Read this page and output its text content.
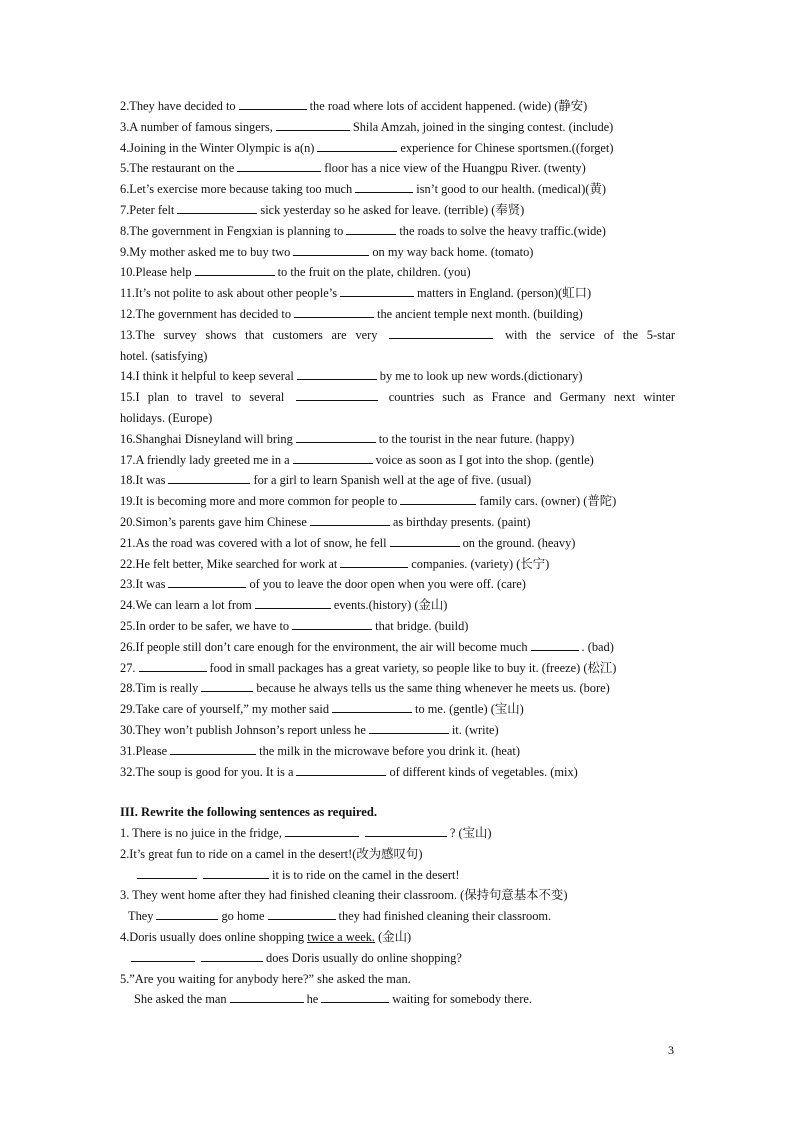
2.They have decided to	the road where lots of accident happened. (wide) (静安)
3.A number of famous singers,	Shila Amzah, joined in the singing contest. (include)
4.Joining in the Winter Olympic is a(n)	experience for Chinese sportsmen.((forget)
5.The restaurant on the	floor has a nice view of the Huangpu River. (twenty)
6.Let’s exercise more because taking too much	isn’t good to our health. (medical)(黄)
7.Peter felt	sick yesterday so he asked for leave. (terrible) (奉贤)
8.The government in Fengxian is planning to	the roads to solve the heavy traffic.(wide)
9.My mother asked me to buy two	on my way back home. (tomato)
10.Please help	to the fruit on the plate, children. (you)
11.It’s not polite to ask about other people’s	matters in England. (person)(虹口)
12.The government has decided to	the ancient temple next month. (building)
13.The survey shows that customers are very	with the service of the 5-star
hotel. (satisfying)
14.I think it helpful to keep several	by me to look up new words.(dictionary)
15.I plan to travel to several	countries such as France and Germany next winter
holidays. (Europe)
16.Shanghai Disneyland will bring	to the tourist in the near future. (happy)
17.A friendly lady greeted me in a	voice as soon as I got into the shop. (gentle)
18.It was	for a girl to learn Spanish well at the age of five. (usual)
19.It is becoming more and more common for people to	family cars. (owner) (普陀)
20.Simon’s parents gave him Chinese	as birthday presents. (paint)
21.As the road was covered with a lot of snow, he fell	on the ground. (heavy)
22.He felt better, Mike searched for work at	companies. (variety) (长宁)
23.It was	of you to leave the door open when you were off. (care)
24.We can learn a lot from	events.(history) (金山)
25.In order to be safer, we have to	that bridge. (build)
26.If people still don’t care enough for the environment, the air will become much	. (bad)
27.	food in small packages has a great variety, so people like to buy it. (freeze) (松江)
28.Tim is really	because he always tells us the same thing whenever he meets us. (bore)
29.Take care of yourself,” my mother said	to me. (gentle) (宝山)
30.They won’t publish Johnson’s report unless he	it. (write)
31.Please	the milk in the microwave before you drink it. (heat)
32.The soup is good for you. It is a	of different kinds of vegetables. (mix)
III. Rewrite the following sentences as required.
1. There is no juice in the fridge,	? (宝山)
2.It’s great fun to ride on a camel in the desert!(改为感叹句)
it is to ride on the camel in the desert!
3. They went home after they had finished cleaning their classroom. (保持句意基本不变)
They	go home	they had finished cleaning their classroom.
4.Doris usually does online shopping twice a week. (金山)
does Doris usually do online shopping?
5.”Are you waiting for anybody here?” she asked the man.
She asked the man	he	waiting for somebody there.
3
